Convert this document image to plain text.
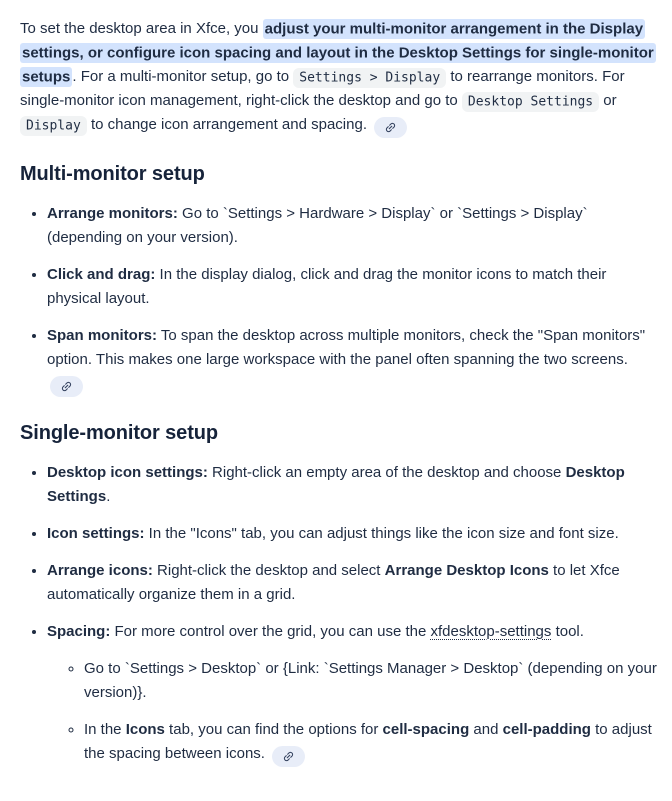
To set the desktop area in Xfce, you adjust your multi-monitor arrangement in the Display settings, or configure icon spacing and layout in the Desktop Settings for single-monitor setups . For a multi-monitor setup, go to Settings > Display to rearrange monitors. For single-monitor icon management, right-click the desktop and go to Desktop Settings or Display to change icon arrangement and spacing.

Multi-monitor setup
• Arrange monitors: Go to `Settings > Hardware > Display` or `Settings > Display` (depending on your version).
• Click and drag: In the display dialog, click and drag the monitor icons to match their physical layout.
• Span monitors: To span the desktop across multiple monitors, check the "Span monitors" option. This makes one large workspace with the panel often spanning the two screens.
Single-monitor setup
• Desktop icon settings: Right-click an empty area of the desktop and choose Desktop Settings.
• Icon settings: In the "Icons" tab, you can adjust things like the icon size and font size.
• Arrange icons: Right-click the desktop and select Arrange Desktop Icons to let Xfce automatically organize them in a grid.
• Spacing: For more control over the grid, you can use the xfdesktop-settings tool.
◦ Go to `Settings > Desktop` or {Link: `Settings Manager > Desktop` (depending on your version)}.
◦ In the Icons tab, you can find the options for cell-spacing and cell-padding to adjust the spacing between icons.
